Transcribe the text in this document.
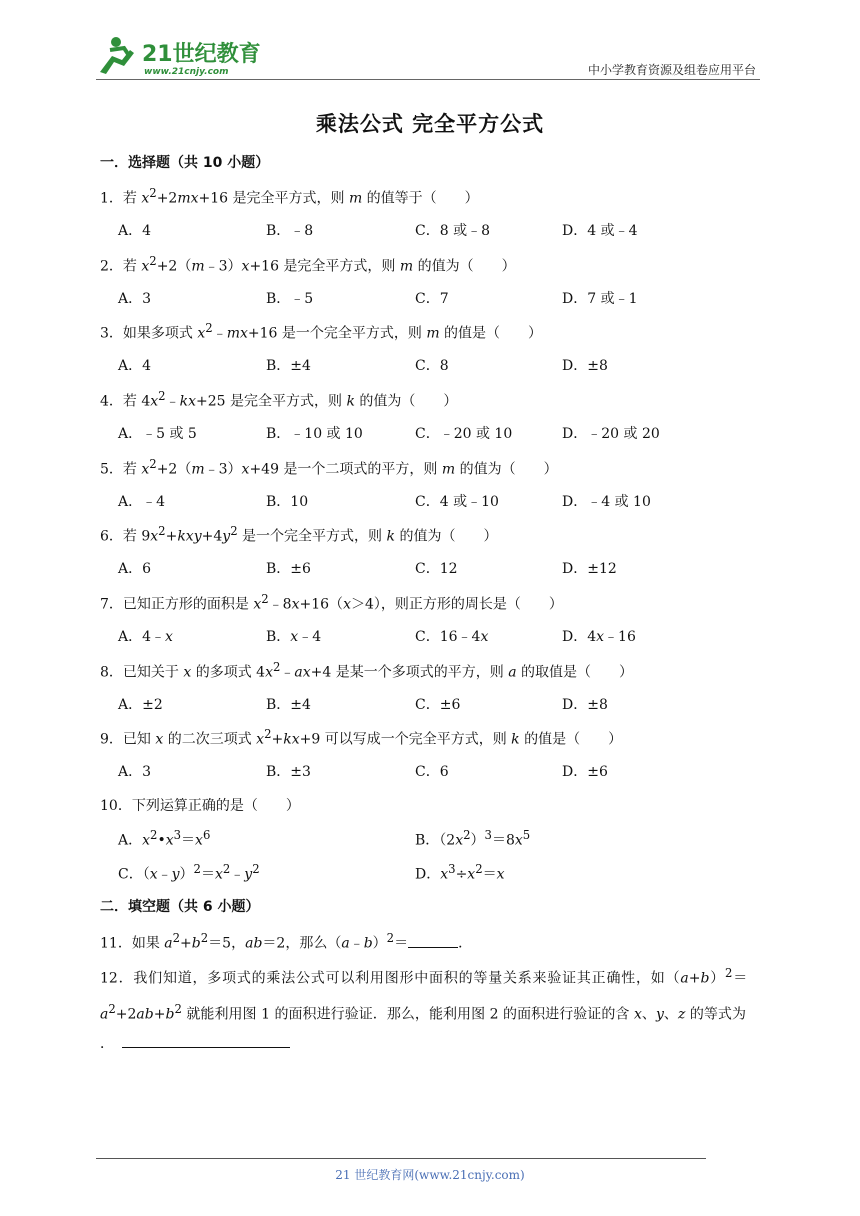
21世纪教育
www.21cnjy.com	中小学教育资源及组卷应用平台
乘法公式 完全平方公式
一．选择题（共 10 小题）
1．若 $x^2+2mx+16$ 是完全平方式，则 m 的值等于（　　）
A．4	B．﹣8	C．8 或﹣8	D．4 或﹣4
2．若 $x^2+2(m﹣3)x+16$ 是完全平方式，则 m 的值为（　　）
A．3	B．﹣5	C．7	D．7 或﹣1
3．如果多项式 $x^2﹣mx+16$ 是一个完全平方式，则 m 的值是（　　）
A．4	B．±4	C．8	D．±8
4．若 $4x^2﹣kx+25$ 是完全平方式，则 k 的值为（　　）
A．﹣5 或 5	B．﹣10 或 10	C．﹣20 或 10	D．﹣20 或 20
5．若 $x^2+2(m﹣3)x+49$ 是一个二项式的平方，则 m 的值为（　　）
A．﹣4	B．10	C．4 或﹣10	D．﹣4 或 10
6．若 $9x^2+kxy+4y^2$ 是一个完全平方式，则 k 的值为（　　）
A．6	B．±6	C．12	D．±12
7．已知正方形的面积是 $x^2﹣8x+16(x>4)$，则正方形的周长是（　　）
A．4﹣x	B．x﹣4	C．16﹣4x	D．4x﹣16
8．已知关于 x 的多项式 $4x^2﹣ax+4$ 是某一个多项式的平方，则 a 的取值是（　　）
A．±2	B．±4	C．±6	D．±8
9．已知 x 的二次三项式 $x^2+kx+9$ 可以写成一个完全平方式，则 k 的值是（　　）
A．3	B．±3	C．6	D．±6
10．下列运算正确的是（　　）
A．$x^2•x^3=x^6$	B．$(2x^2)^3=8x^5$
C．$(x﹣y)^2=x^2﹣y^2$	D．$x^3\div x^2=x$
二．填空题（共 6 小题）
11．如果 $a^2+b^2=5$，ab＝2，那么（a﹣b）$^2$＝	．
12．我们知道，多项式的乘法公式可以利用图形中面积的等量关系来验证其正确性，如$(a+b)^2=a^2+2ab+b^2$ 就能利用图 1 的面积进行验证．那么，能利用图 2 的面积进行验证的含 x、y、z 的等式为．
21 世纪教育网(www.21cnjy.com)
